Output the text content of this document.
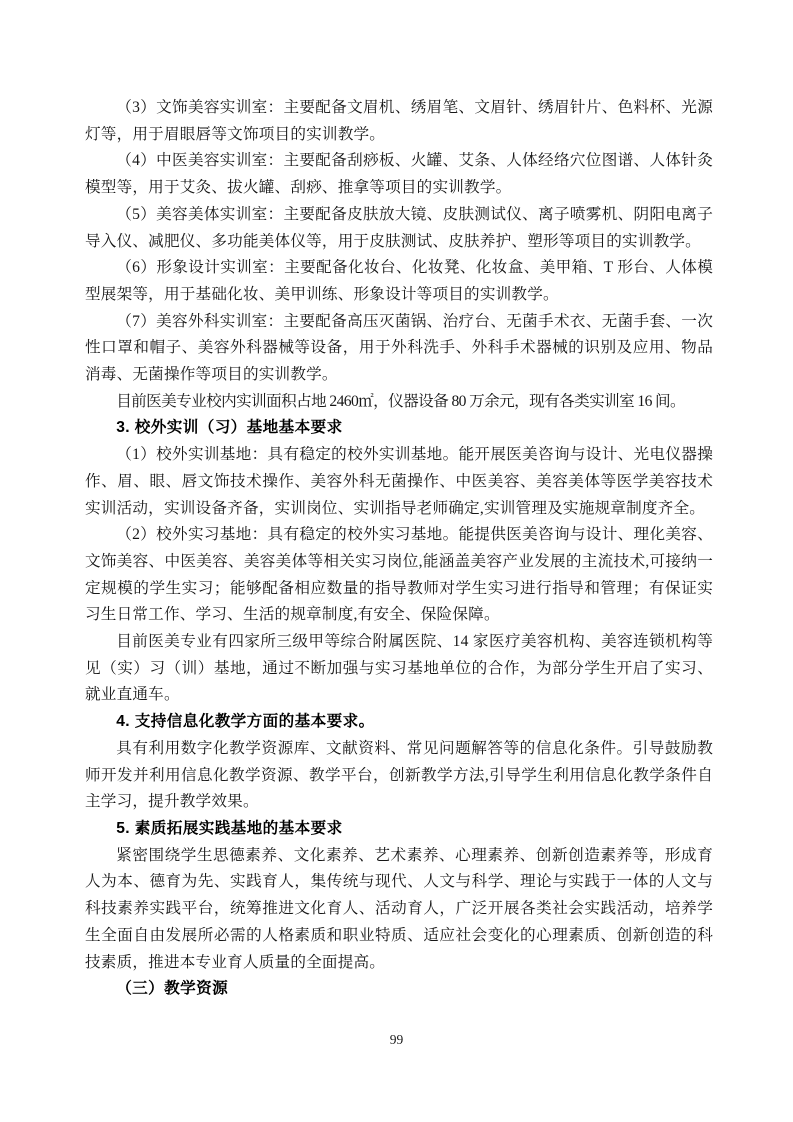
（3）文饰美容实训室：主要配备文眉机、绣眉笔、文眉针、绣眉针片、色料杯、光源灯等，用于眉眼唇等文饰项目的实训教学。

（4）中医美容实训室：主要配备刮痧板、火罐、艾条、人体经络穴位图谱、人体针灸模型等，用于艾灸、拔火罐、刮痧、推拿等项目的实训教学。

（5）美容美体实训室：主要配备皮肤放大镜、皮肤测试仪、离子喷雾机、阴阳电离子导入仪、减肥仪、多功能美体仪等，用于皮肤测试、皮肤养护、塑形等项目的实训教学。

（6）形象设计实训室：主要配备化妆台、化妆凳、化妆盒、美甲箱、T 形台、人体模型展架等，用于基础化妆、美甲训练、形象设计等项目的实训教学。

（7）美容外科实训室：主要配备高压灭菌锅、治疗台、无菌手术衣、无菌手套、一次性口罩和帽子、美容外科器械等设备，用于外科洗手、外科手术器械的识别及应用、物品消毒、无菌操作等项目的实训教学。

目前医美专业校内实训面积占地 2460㎡，仪器设备 80 万余元，现有各类实训室 16 间。

3. 校外实训（习）基地基本要求

（1）校外实训基地：具有稳定的校外实训基地。能开展医美咨询与设计、光电仪器操作、眉、眼、唇文饰技术操作、美容外科无菌操作、中医美容、美容美体等医学美容技术实训活动，实训设备齐备，实训岗位、实训指导老师确定,实训管理及实施规章制度齐全。

（2）校外实习基地：具有稳定的校外实习基地。能提供医美咨询与设计、理化美容、文饰美容、中医美容、美容美体等相关实习岗位,能涵盖美容产业发展的主流技术,可接纳一定规模的学生实习；能够配备相应数量的指导教师对学生实习进行指导和管理；有保证实习生日常工作、学习、生活的规章制度,有安全、保险保障。

目前医美专业有四家所三级甲等综合附属医院、14 家医疗美容机构、美容连锁机构等见（实）习（训）基地，通过不断加强与实习基地单位的合作，为部分学生开启了实习、就业直通车。

4. 支持信息化教学方面的基本要求。

具有利用数字化教学资源库、文献资料、常见问题解答等的信息化条件。引导鼓励教师开发并利用信息化教学资源、教学平台，创新教学方法,引导学生利用信息化教学条件自主学习，提升教学效果。

5. 素质拓展实践基地的基本要求

紧密围绕学生思德素养、文化素养、艺术素养、心理素养、创新创造素养等，形成育人为本、德育为先、实践育人，集传统与现代、人文与科学、理论与实践于一体的人文与科技素养实践平台，统筹推进文化育人、活动育人，广泛开展各类社会实践活动，培养学生全面自由发展所必需的人格素质和职业特质、适应社会变化的心理素质、创新创造的科技素质，推进本专业育人质量的全面提高。

（三）教学资源

99
